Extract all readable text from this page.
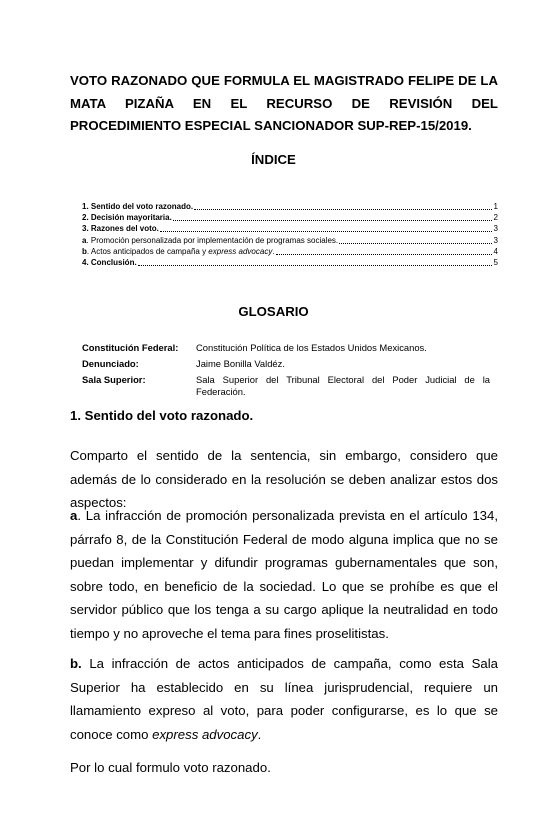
VOTO RAZONADO QUE FORMULA EL MAGISTRADO FELIPE DE LA MATA PIZAÑA EN EL RECURSO DE REVISIÓN DEL PROCEDIMIENTO ESPECIAL SANCIONADOR SUP-REP-15/2019.

ÍNDICE

1. Sentido del voto razonado.	1
2. Decisión mayoritaria.	2
3. Razones del voto.	3
a. Promoción personalizada por implementación de programas sociales.	3
b. Actos anticipados de campaña y express advocacy.	4
4. Conclusión.	5

GLOSARIO

Constitución Federal:	Constitución Política de los Estados Unidos Mexicanos.
Denunciado:	Jaime Bonilla Valdéz.
Sala Superior:	Sala Superior del Tribunal Electoral del Poder Judicial de la Federación.

1. Sentido del voto razonado.

Comparto el sentido de la sentencia, sin embargo, considero que además de lo considerado en la resolución se deben analizar estos dos aspectos:

a. La infracción de promoción personalizada prevista en el artículo 134, párrafo 8, de la Constitución Federal de modo alguna implica que no se puedan implementar y difundir programas gubernamentales que son, sobre todo, en beneficio de la sociedad. Lo que se prohíbe es que el servidor público que los tenga a su cargo aplique la neutralidad en todo tiempo y no aproveche el tema para fines proselitistas.

b. La infracción de actos anticipados de campaña, como esta Sala Superior ha establecido en su línea jurisprudencial, requiere un llamamiento expreso al voto, para poder configurarse, es lo que se conoce como express advocacy.

Por lo cual formulo voto razonado.
